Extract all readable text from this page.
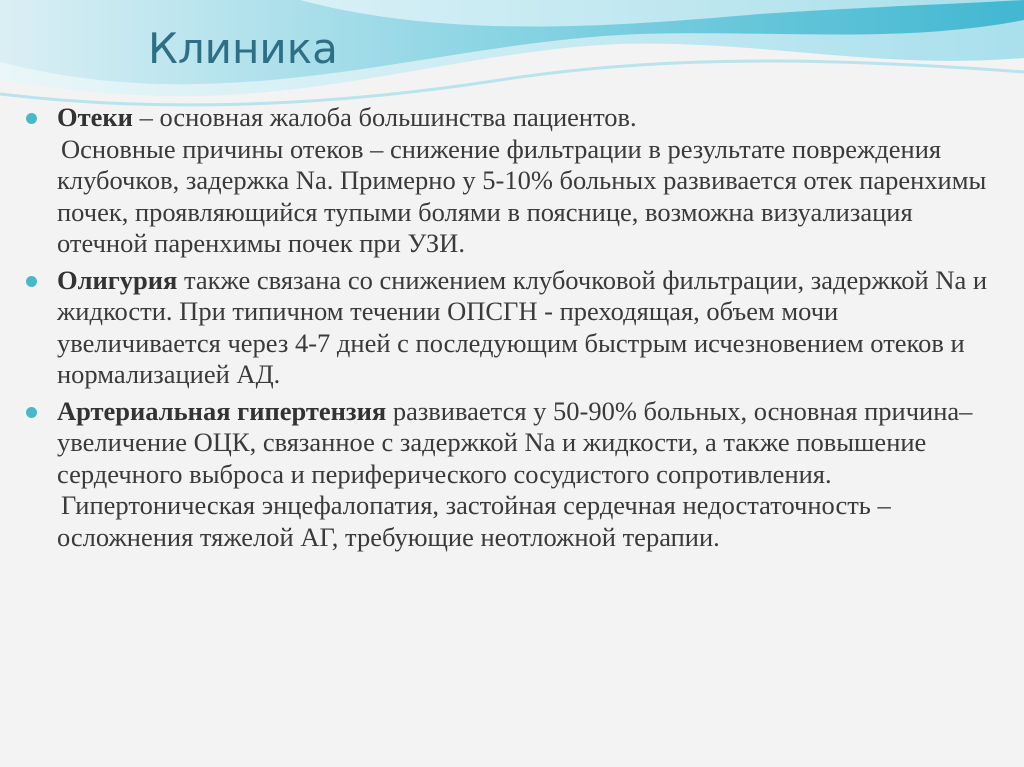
Клиника

Отеки – основная жалоба большинства пациентов.
Основные причины отеков – снижение фильтрации в результате повреждения клубочков, задержка Na. Примерно у 5-10% больных развивается отек паренхимы почек, проявляющийся тупыми болями в пояснице, возможна визуализация отечной паренхимы почек при УЗИ.

Олигурия также связана со снижением клубочковой фильтрации, задержкой Na и жидкости. При типичном течении ОПСГН - преходящая, объем мочи увеличивается через 4-7 дней с последующим быстрым исчезновением отеков и нормализацией АД.

Артериальная гипертензия развивается у 50-90% больных, основная причина– увеличение ОЦК, связанное с задержкой Na и жидкости, а также повышение сердечного выброса и периферического сосудистого сопротивления.
Гипертоническая энцефалопатия, застойная сердечная недостаточность – осложнения тяжелой АГ, требующие неотложной терапии.
